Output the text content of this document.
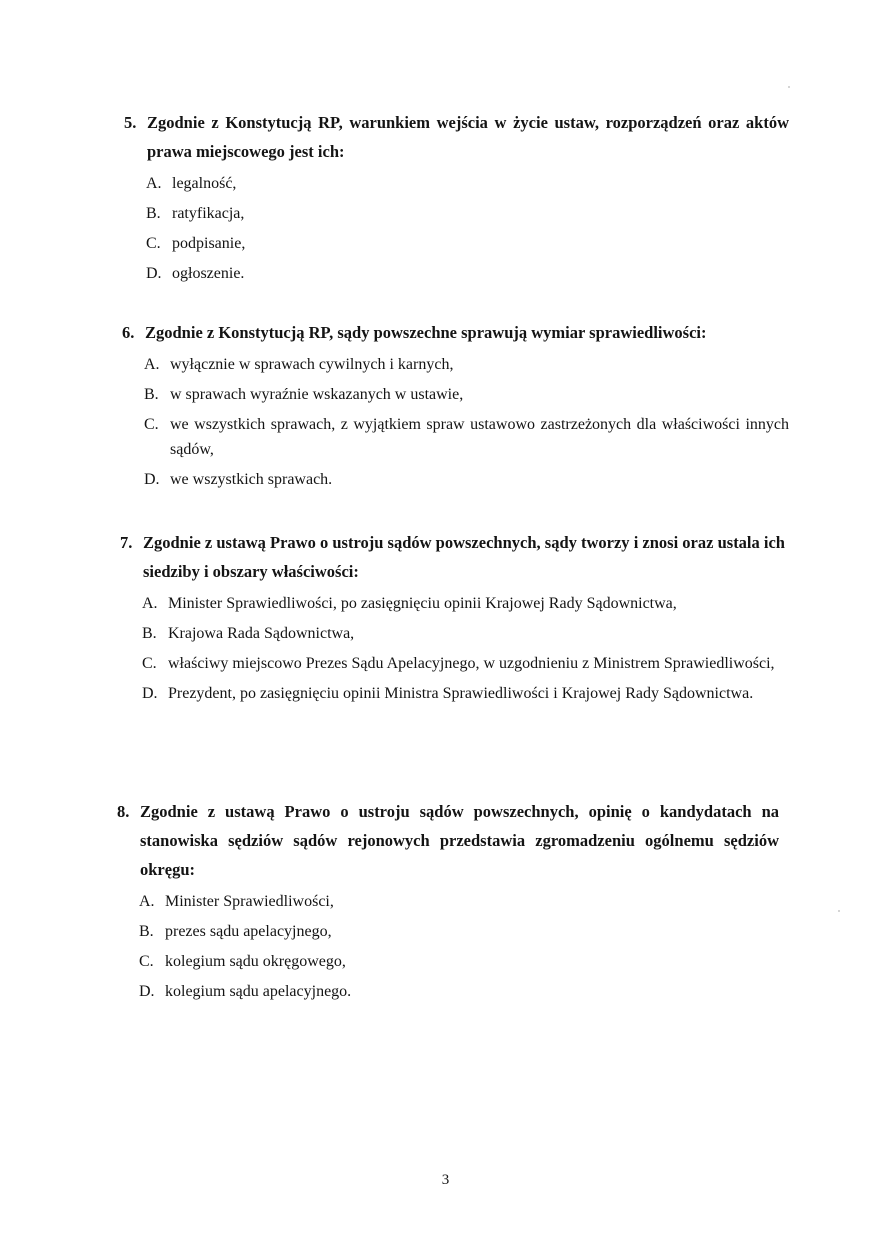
5. Zgodnie z Konstytucją RP, warunkiem wejścia w życie ustaw, rozporządzeń oraz aktów prawa miejscowego jest ich:
A. legalność,
B. ratyfikacja,
C. podpisanie,
D. ogłoszenie.
6. Zgodnie z Konstytucją RP, sądy powszechne sprawują wymiar sprawiedliwości:
A. wyłącznie w sprawach cywilnych i karnych,
B. w sprawach wyraźnie wskazanych w ustawie,
C. we wszystkich sprawach, z wyjątkiem spraw ustawowo zastrzeżonych dla właściwości innych sądów,
D. we wszystkich sprawach.
7. Zgodnie z ustawą Prawo o ustroju sądów powszechnych, sądy tworzy i znosi oraz ustala ich siedziby i obszary właściwości:
A. Minister Sprawiedliwości, po zasięgnięciu opinii Krajowej Rady Sądownictwa,
B. Krajowa Rada Sądownictwa,
C. właściwy miejscowo Prezes Sądu Apelacyjnego, w uzgodnieniu z Ministrem Sprawiedliwości,
D. Prezydent, po zasięgnięciu opinii Ministra Sprawiedliwości i Krajowej Rady Sądownictwa.
8. Zgodnie z ustawą Prawo o ustroju sądów powszechnych, opinię o kandydatach na stanowiska sędziów sądów rejonowych przedstawia zgromadzeniu ogólnemu sędziów okręgu:
A. Minister Sprawiedliwości,
B. prezes sądu apelacyjnego,
C. kolegium sądu okręgowego,
D. kolegium sądu apelacyjnego.
3
